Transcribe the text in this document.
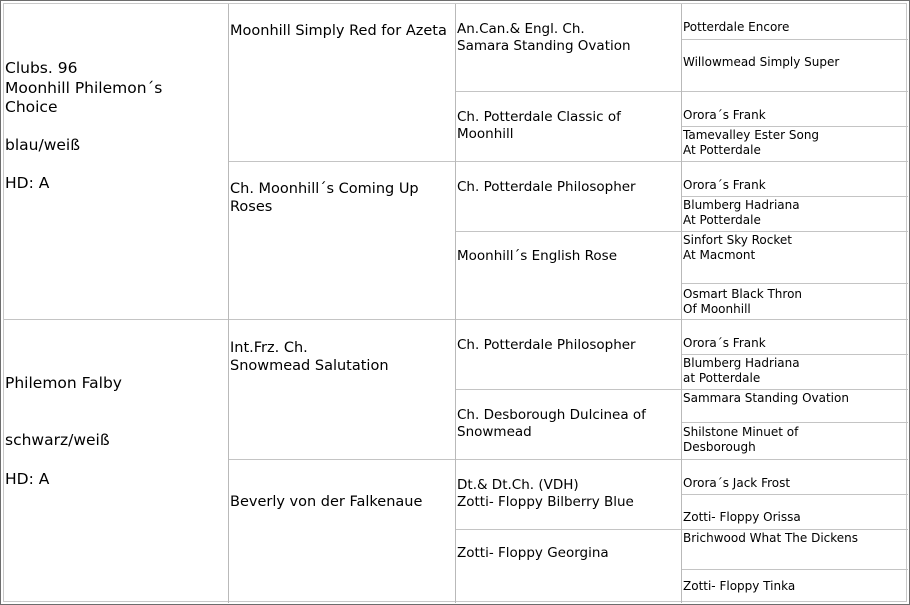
Clubs. 96
Moonhill Philemon´s
Choice
blau/weiß
HD: A
Philemon Falby
schwarz/weiß
HD: A
Moonhill Simply Red for Azeta
Ch. Moonhill´s Coming Up
Roses
Int.Frz. Ch.
Snowmead Salutation
Beverly von der Falkenaue
An.Can.& Engl. Ch.
Samara Standing Ovation
Ch. Potterdale Classic of
Moonhill
Ch. Potterdale Philosopher
Moonhill´s English Rose
Ch. Potterdale Philosopher
Ch. Desborough Dulcinea of
Snowmead
Dt.& Dt.Ch. (VDH)
Zotti- Floppy Bilberry Blue
Zotti- Floppy Georgina
Potterdale Encore
Willowmead Simply Super
Orora´s Frank
Tamevalley Ester Song
At Potterdale
Orora´s Frank
Blumberg Hadriana
At Potterdale
Sinfort Sky Rocket
At Macmont
Osmart Black Thron
Of Moonhill
Orora´s Frank
Blumberg Hadriana
at Potterdale
Sammara Standing Ovation
Shilstone Minuet of
Desborough
Orora´s Jack Frost
Zotti- Floppy Orissa
Brichwood What The Dickens
Zotti- Floppy Tinka
